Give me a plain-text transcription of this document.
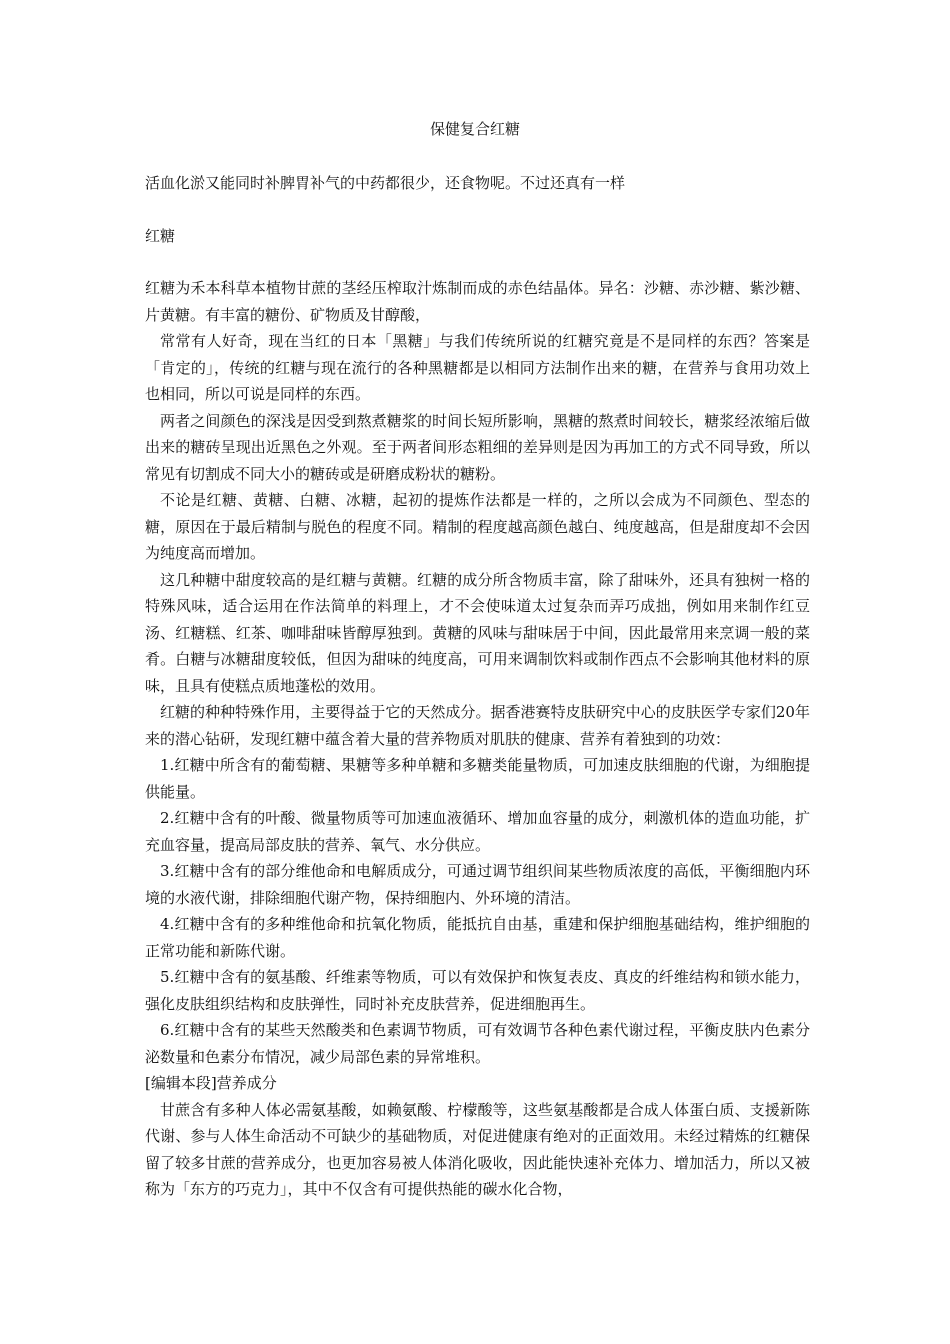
保健复合红糖
活血化淤又能同时补脾胃补气的中药都很少，还食物呢。不过还真有一样
红糖

红糖为禾本科草本植物甘蔗的茎经压榨取汁炼制而成的赤色结晶体。异名：沙糖、赤沙糖、紫沙糖、片黄糖。有丰富的糖份、矿物质及甘醇酸，

常常有人好奇，现在当红的日本「黑糖」与我们传统所说的红糖究竟是不是同样的东西？答案是「肯定的」，传统的红糖与现在流行的各种黑糖都是以相同方法制作出来的糖，在营养与食用功效上也相同，所以可说是同样的东西。

两者之间颜色的深浅是因受到熬煮糖浆的时间长短所影响，黑糖的熬煮时间较长，糖浆经浓缩后做出来的糖砖呈现出近黑色之外观。至于两者间形态粗细的差异则是因为再加工的方式不同导致，所以常见有切割成不同大小的糖砖或是研磨成粉状的糖粉。

不论是红糖、黄糖、白糖、冰糖，起初的提炼作法都是一样的，之所以会成为不同颜色、型态的糖，原因在于最后精制与脱色的程度不同。精制的程度越高颜色越白、纯度越高，但是甜度却不会因为纯度高而增加。

这几种糖中甜度较高的是红糖与黄糖。红糖的成分所含物质丰富，除了甜味外，还具有独树一格的特殊风味，适合运用在作法简单的料理上，才不会使味道太过复杂而弄巧成拙，例如用来制作红豆汤、红糖糕、红茶、咖啡甜味皆醇厚独到。黄糖的风味与甜味居于中间，因此最常用来烹调一般的菜肴。白糖与冰糖甜度较低，但因为甜味的纯度高，可用来调制饮料或制作西点不会影响其他材料的原味，且具有使糕点质地蓬松的效用。

红糖的种种特殊作用，主要得益于它的天然成分。据香港赛特皮肤研究中心的皮肤医学专家们20年来的潜心钻研，发现红糖中蕴含着大量的营养物质对肌肤的健康、营养有着独到的功效：

1.红糖中所含有的葡萄糖、果糖等多种单糖和多糖类能量物质，可加速皮肤细胞的代谢，为细胞提供能量。

2.红糖中含有的叶酸、微量物质等可加速血液循环、增加血容量的成分，刺激机体的造血功能，扩充血容量，提高局部皮肤的营养、氧气、水分供应。

3.红糖中含有的部分维他命和电解质成分，可通过调节组织间某些物质浓度的高低，平衡细胞内环境的水液代谢，排除细胞代谢产物，保持细胞内、外环境的清洁。

4.红糖中含有的多种维他命和抗氧化物质，能抵抗自由基，重建和保护细胞基础结构，维护细胞的正常功能和新陈代谢。

5.红糖中含有的氨基酸、纤维素等物质，可以有效保护和恢复表皮、真皮的纤维结构和锁水能力，强化皮肤组织结构和皮肤弹性，同时补充皮肤营养，促进细胞再生。

6.红糖中含有的某些天然酸类和色素调节物质，可有效调节各种色素代谢过程，平衡皮肤内色素分泌数量和色素分布情况，减少局部色素的异常堆积。

[编辑本段]营养成分

甘蔗含有多种人体必需氨基酸，如赖氨酸、柠檬酸等，这些氨基酸都是合成人体蛋白质、支援新陈代谢、参与人体生命活动不可缺少的基础物质，对促进健康有绝对的正面效用。未经过精炼的红糖保留了较多甘蔗的营养成分，也更加容易被人体消化吸收，因此能快速补充体力、增加活力，所以又被称为「东方的巧克力」，其中不仅含有可提供热能的碳水化合物，
